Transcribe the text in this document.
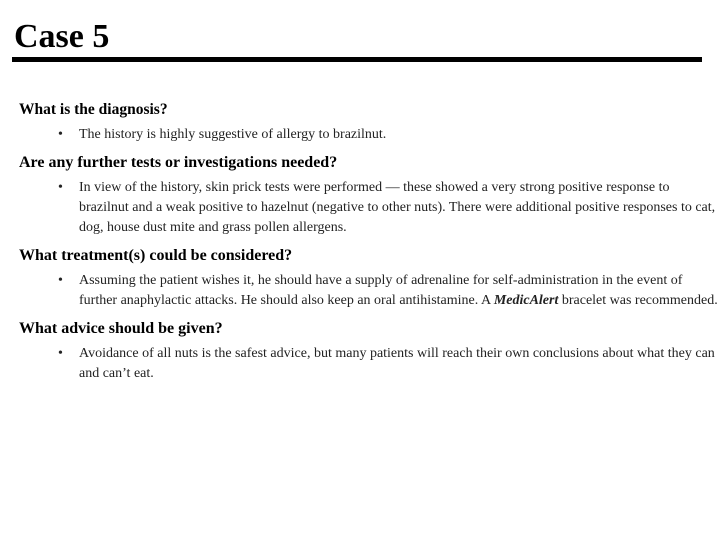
Case 5

What is the diagnosis?

• The history is highly suggestive of allergy to brazilnut.

Are any further tests or investigations needed?

• In view of the history, skin prick tests were performed — these showed a very strong positive response to brazilnut and a weak positive to hazelnut (negative to other nuts). There were additional positive responses to cat, dog, house dust mite and grass pollen allergens.

What treatment(s) could be considered?

• Assuming the patient wishes it, he should have a supply of adrenaline for self-administration in the event of further anaphylactic attacks. He should also keep an oral antihistamine. A MedicAlert bracelet was recommended.

What advice should be given?

• Avoidance of all nuts is the safest advice, but many patients will reach their own conclusions about what they can and can’t eat.
